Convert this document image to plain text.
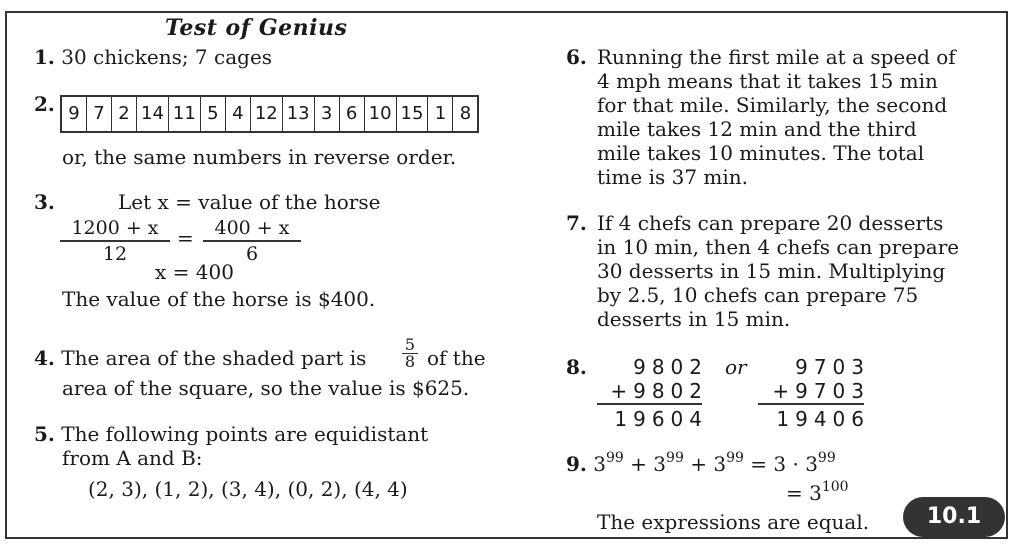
Test of Genius
1. 30 chickens; 7 cages
2. 9 7 2 14 11 5 4 12 13 3 6 10 15 1 8
or, the same numbers in reverse order.
3.	Let x = value of the horse
$\frac{1200 + x}{12} = \frac{400 + x}{6}$
x = 400
The value of the horse is $400.
4. The area of the shaded part is $\frac{5}{8}$ of the
area of the square, so the value is $625.
5. The following points are equidistant
from A and B:
(2, 3), (1, 2), (3, 4), (0, 2), (4, 4)
6. Running the first mile at a speed of
4 mph means that it takes 15 min
for that mile. Similarly, the second
mile takes 12 min and the third
mile takes 10 minutes. The total
time is 37 min.
7. If 4 chefs can prepare 20 desserts
in 10 min, then 4 chefs can prepare
30 desserts in 15 min. Multiplying
by 2.5, 10 chefs can prepare 75
desserts in 15 min.
8.	9802
+9802
19604
or	9703
+9703
19406
9. $3^{99} + 3^{99} + 3^{99} = 3 \cdot 3^{99}$
= $3^{100}$
The expressions are equal.	10.1
